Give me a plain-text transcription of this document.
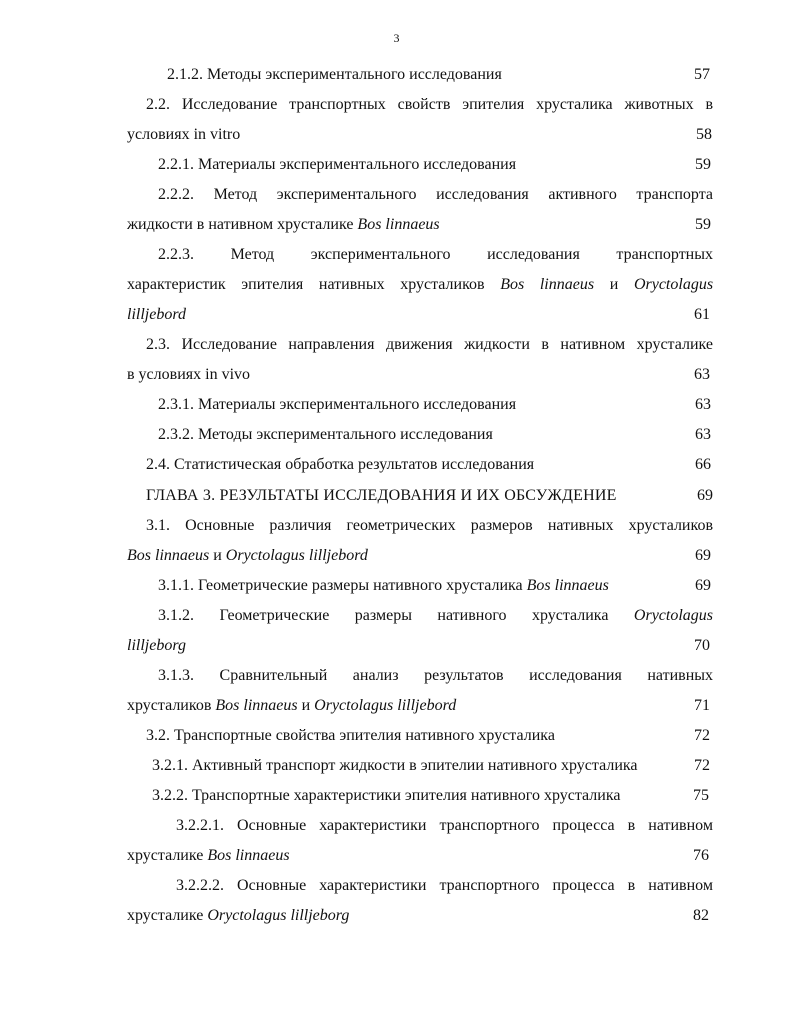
3
2.1.2. Методы экспериментального исследования	57
2.2. Исследование транспортных свойств эпителия хрусталика животных в
условиях in vitro	58
2.2.1. Материалы экспериментального исследования	59
2.2.2. Метод экспериментального исследования активного транспорта
жидкости в нативном хрусталике Bos linnaeus	59
2.2.3. Метод экспериментального исследования транспортных
характеристик эпителия нативных хрусталиков Bos linnaeus и Oryctolagus
lilljebord	61
2.3. Исследование направления движения жидкости в нативном хрусталике
в условиях in vivo	63
2.3.1. Материалы экспериментального исследования	63
2.3.2. Методы экспериментального исследования	63
2.4. Статистическая обработка результатов исследования	66
ГЛАВА 3. РЕЗУЛЬТАТЫ ИССЛЕДОВАНИЯ И ИХ ОБСУЖДЕНИЕ	69
3.1. Основные различия геометрических размеров нативных хрусталиков
Bos linnaeus и Oryctolagus lilljebord	69
3.1.1. Геометрические размеры нативного хрусталика Bos linnaeus	69
3.1.2. Геометрические размеры нативного хрусталика Oryctolagus
lilljeborg	70
3.1.3. Сравнительный анализ результатов исследования нативных
хрусталиков Bos linnaeus и Oryctolagus lilljebord	71
3.2. Транспортные свойства эпителия нативного хрусталика	72
3.2.1. Активный транспорт жидкости в эпителии нативного хрусталика	72
3.2.2. Транспортные характеристики эпителия нативного хрусталика	75
3.2.2.1. Основные характеристики транспортного процесса в нативном
хрусталике Bos linnaeus	76
3.2.2.2. Основные характеристики транспортного процесса в нативном
хрусталике Oryctolagus lilljeborg	82
